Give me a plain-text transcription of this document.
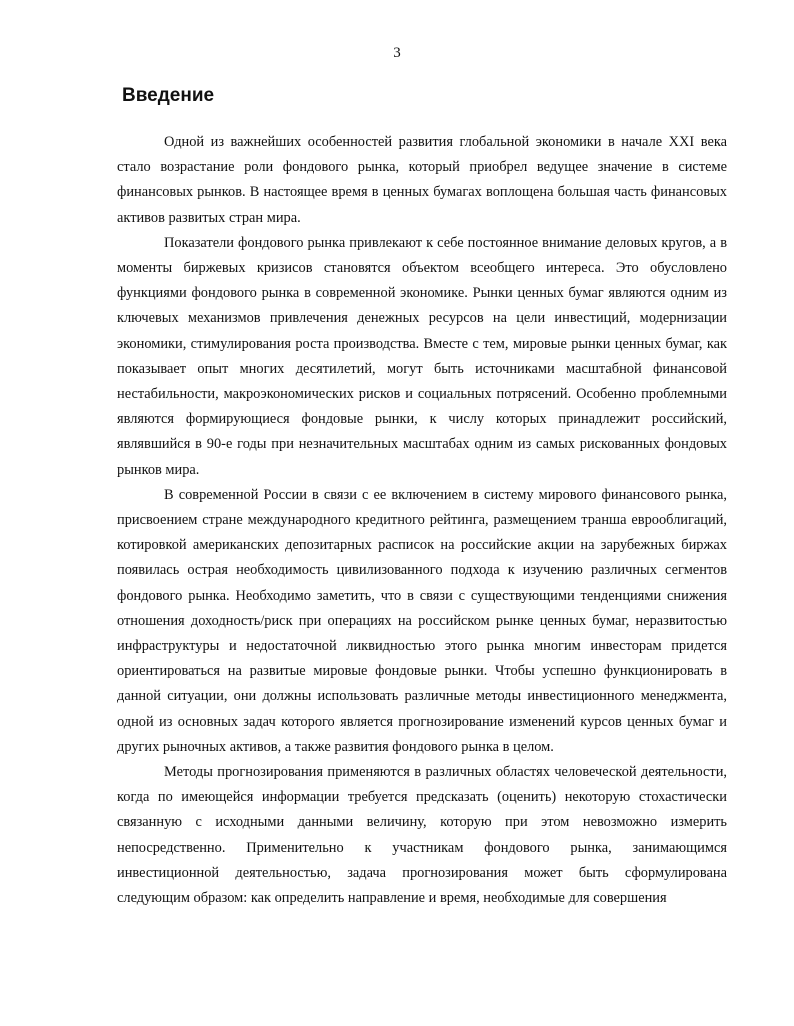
3
Введение

Одной из важнейших особенностей развития глобальной экономики в начале XXI века стало возрастание роли фондового рынка, который приобрел ведущее значение в системе финансовых рынков. В настоящее время в ценных бумагах воплощена большая часть финансовых активов развитых стран мира.

Показатели фондового рынка привлекают к себе постоянное внимание деловых кругов, а в моменты биржевых кризисов становятся объектом всеобщего интереса. Это обусловлено функциями фондового рынка в современной экономике. Рынки ценных бумаг являются одним из ключевых механизмов привлечения денежных ресурсов на цели инвестиций, модернизации экономики, стимулирования роста производства. Вместе с тем, мировые рынки ценных бумаг, как показывает опыт многих десятилетий, могут быть источниками масштабной финансовой нестабильности, макроэкономических рисков и социальных потрясений. Особенно проблемными являются формирующиеся фондовые рынки, к числу которых принадлежит российский, являвшийся в 90-е годы при незначительных масштабах одним из самых рискованных фондовых рынков мира.

В современной России в связи с ее включением в систему мирового финансового рынка, присвоением стране международного кредитного рейтинга, размещением транша еврооблигаций, котировкой американских депозитарных расписок на российские акции на зарубежных биржах появилась острая необходимость цивилизованного подхода к изучению различных сегментов фондового рынка. Необходимо заметить, что в связи с существующими тенденциями снижения отношения доходность/риск при операциях на российском рынке ценных бумаг, неразвитостью инфраструктуры и недостаточной ликвидностью этого рынка многим инвесторам придется ориентироваться на развитые мировые фондовые рынки. Чтобы успешно функционировать в данной ситуации, они должны использовать различные методы инвестиционного менеджмента, одной из основных задач которого является прогнозирование изменений курсов ценных бумаг и других рыночных активов, а также развития фондового рынка в целом.

Методы прогнозирования применяются в различных областях человеческой деятельности, когда по имеющейся информации требуется предсказать (оценить) некоторую стохастически связанную с исходными данными величину, которую при этом невозможно измерить непосредственно. Применительно к участникам фондового рынка, занимающимся инвестиционной деятельностью, задача прогнозирования может быть сформулирована следующим образом: как определить направление и время, необходимые для совершения
